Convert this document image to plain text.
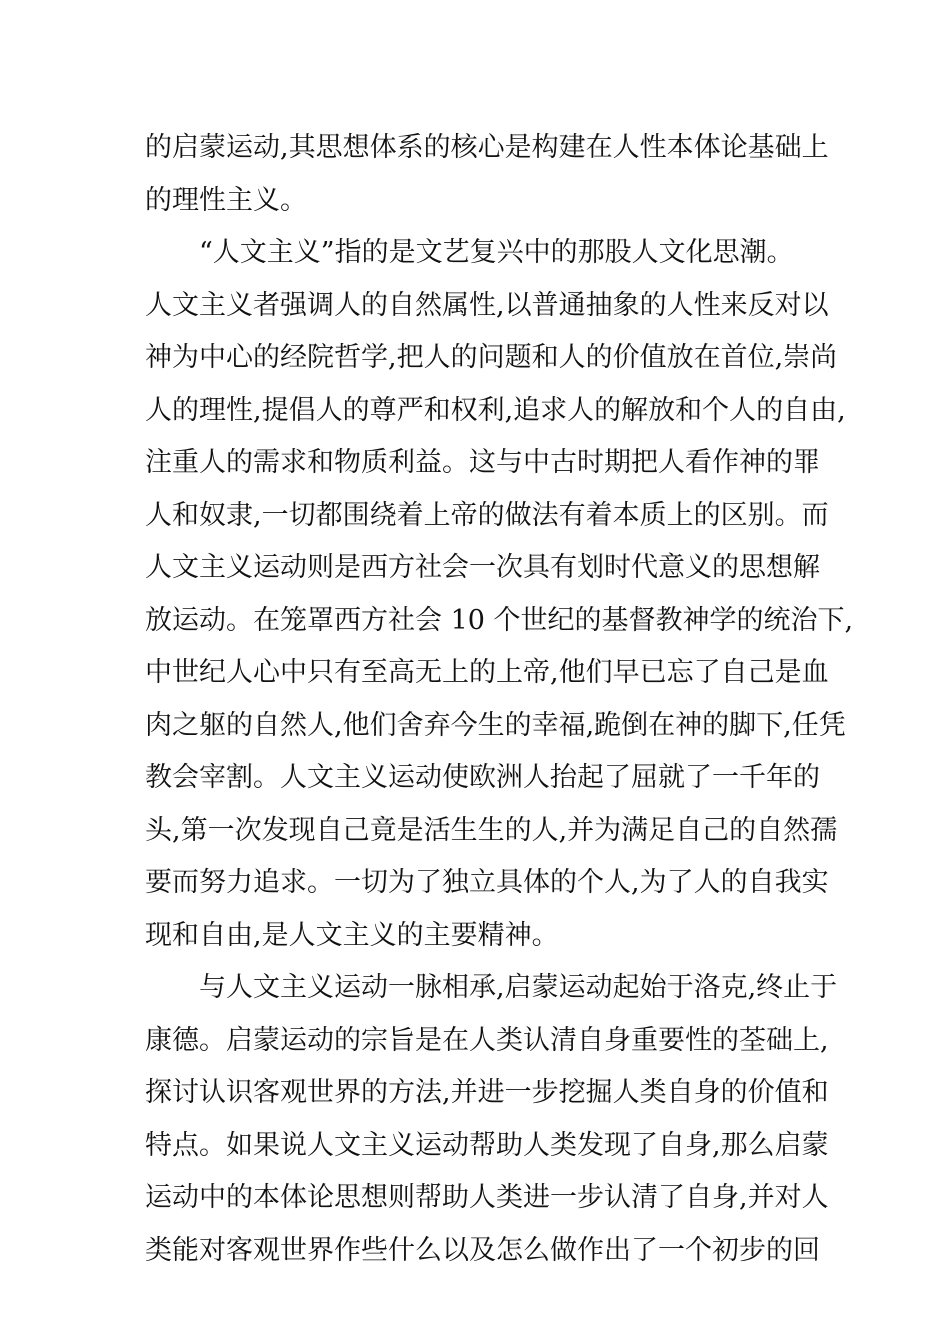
的启蒙运动,其思想体系的核心是构建在人性本体论基础上
的理性主义。
“人文主义”指的是文艺复兴中的那股人文化思潮。
人文主义者强调人的自然属性,以普通抽象的人性来反对以
神为中心的经院哲学,把人的问题和人的价值放在首位,崇尚
人的理性,提倡人的尊严和权利,追求人的解放和个人的自由,
注重人的需求和物质利益。这与中古时期把人看作神的罪
人和奴隶,一切都围绕着上帝的做法有着本质上的区别。而
人文主义运动则是西方社会一次具有划时代意义的思想解
放运动。在笼罩西方社会 10 个世纪的基督教神学的统治下,
中世纪人心中只有至高无上的上帝,他们早已忘了自己是血
肉之躯的自然人,他们舍弃今生的幸福,跪倒在神的脚下,任凭
教会宰割。人文主义运动使欧洲人抬起了屈就了一千年的
头,第一次发现自己竟是活生生的人,并为满足自己的自然孺
要而努力追求。一切为了独立具体的个人,为了人的自我实
现和自由,是人文主义的主要精神。
与人文主义运动一脉相承,启蒙运动起始于洛克,终止于
康德。启蒙运动的宗旨是在人类认清自身重要性的荃础上,
探讨认识客观世界的方法,并进一步挖掘人类自身的价值和
特点。如果说人文主义运动帮助人类发现了自身,那么启蒙
运动中的本体论思想则帮助人类进一步认清了自身,并对人
类能对客观世界作些什么以及怎么做作出了一个初步的回
